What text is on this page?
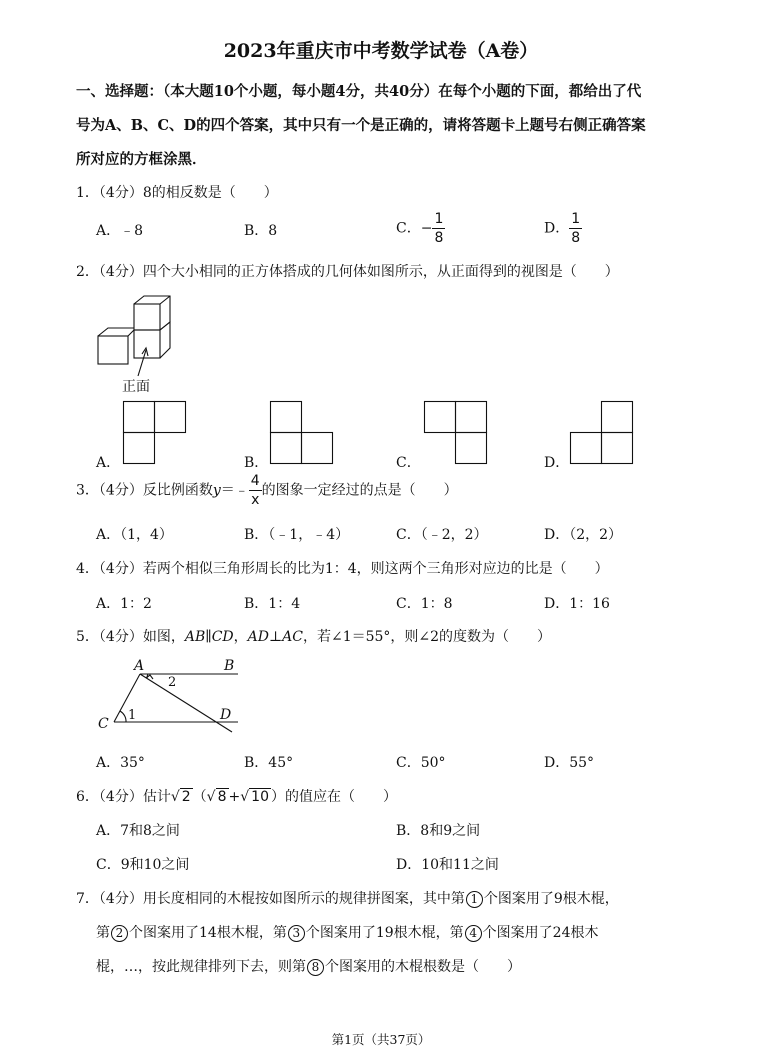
2023年重庆市中考数学试卷（A卷）
一、选择题：（本大题10个小题，每小题4分，共40分）在每个小题的下面，都给出了代
号为A、B、C、D的四个答案，其中只有一个是正确的，请将答题卡上题号右侧正确答案
所对应的方框涂黑．
1．（4分）8的相反数是（　　）
A．﹣8	B．8	C．− $\frac{1}{8}$	D． $\frac{1}{8}$
2．（4分）四个大小相同的正方体搭成的几何体如图所示，从正面得到的视图是（　　）
正面
A．	B．	C．	D．
3．（4分）反比例函数y＝﹣ $\frac{4}{x}$ 的图象一定经过的点是（　　）
A．（1，4）	B．（﹣1，﹣4）	C．（﹣2，2）	D．（2，2）
4．（4分）若两个相似三角形周长的比为1：4，则这两个三角形对应边的比是（　　）
A．1：2	B．1：4	C．1：8	D．1：16
5．（4分）如图，AB∥CD，AD⊥AC，若∠1＝55°，则∠2的度数为（　　）
A	B
C
D
1
2
A．35°	B．45°	C．50°	D．55°
6．（4分）估计√ 2 （√ 8 +√ 10 ）的值应在（　　）
A．7和8之间	B．8和9之间
C．9和10之间	D．10和11之间
7．（4分）用长度相同的木棍按如图所示的规律拼图案，其中第 1 个图案用了9根木棍，
第 2 个图案用了14根木棍，第 3 个图案用了19根木棍，第 4 个图案用了24根木
棍，…，按此规律排列下去，则第 8 个图案用的木棍根数是（　　）
第1页（共37页）
